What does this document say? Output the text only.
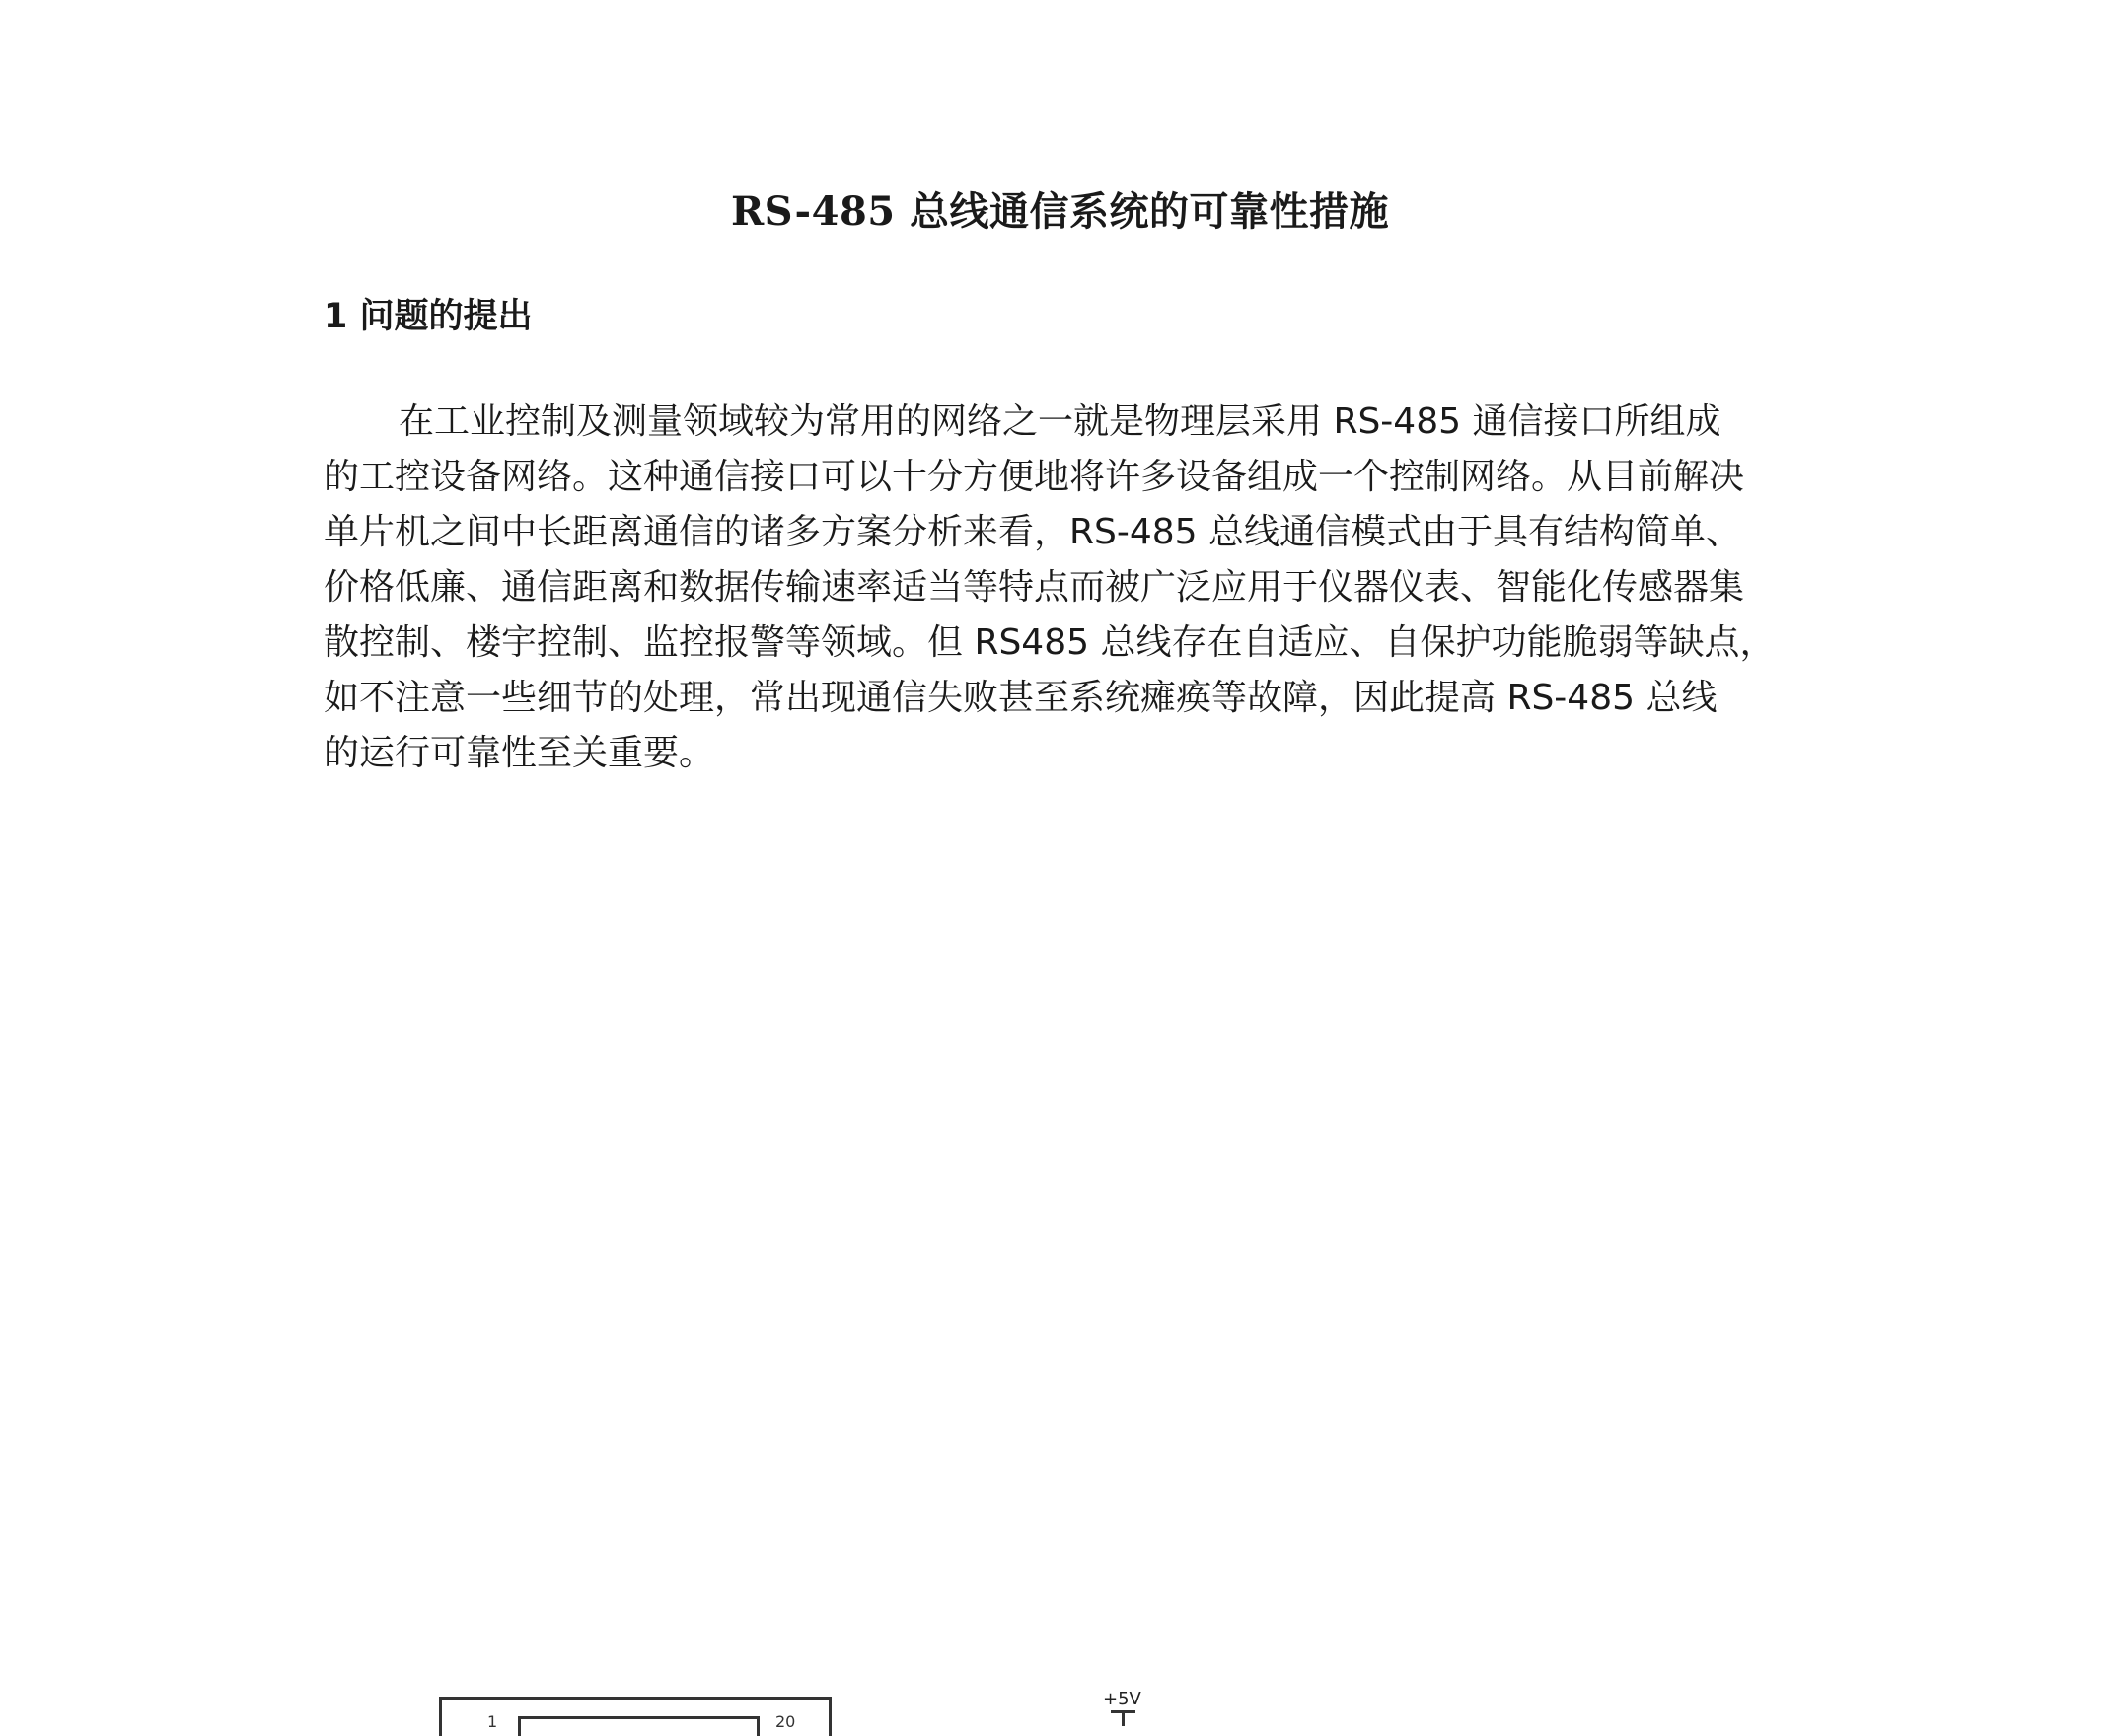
RS-485 总线通信系统的可靠性措施
1 问题的提出
在工业控制及测量领域较为常用的网络之一就是物理层采用 RS-485 通信接口所组成
的工控设备网络。这种通信接口可以十分方便地将许多设备组成一个控制网络。从目前解决
单片机之间中长距离通信的诸多方案分析来看，RS-485 总线通信模式由于具有结构简单、
价格低廉、通信距离和数据传输速率适当等特点而被广泛应用于仪器仪表、智能化传感器集
散控制、楼宇控制、监控报警等领域。但 RS485 总线存在自适应、自保护功能脆弱等缺点，
如不注意一些细节的处理，常出现通信失败甚至系统瘫痪等故障，因此提高 RS-485 总线
的运行可靠性至关重要。
1	20
+5V
